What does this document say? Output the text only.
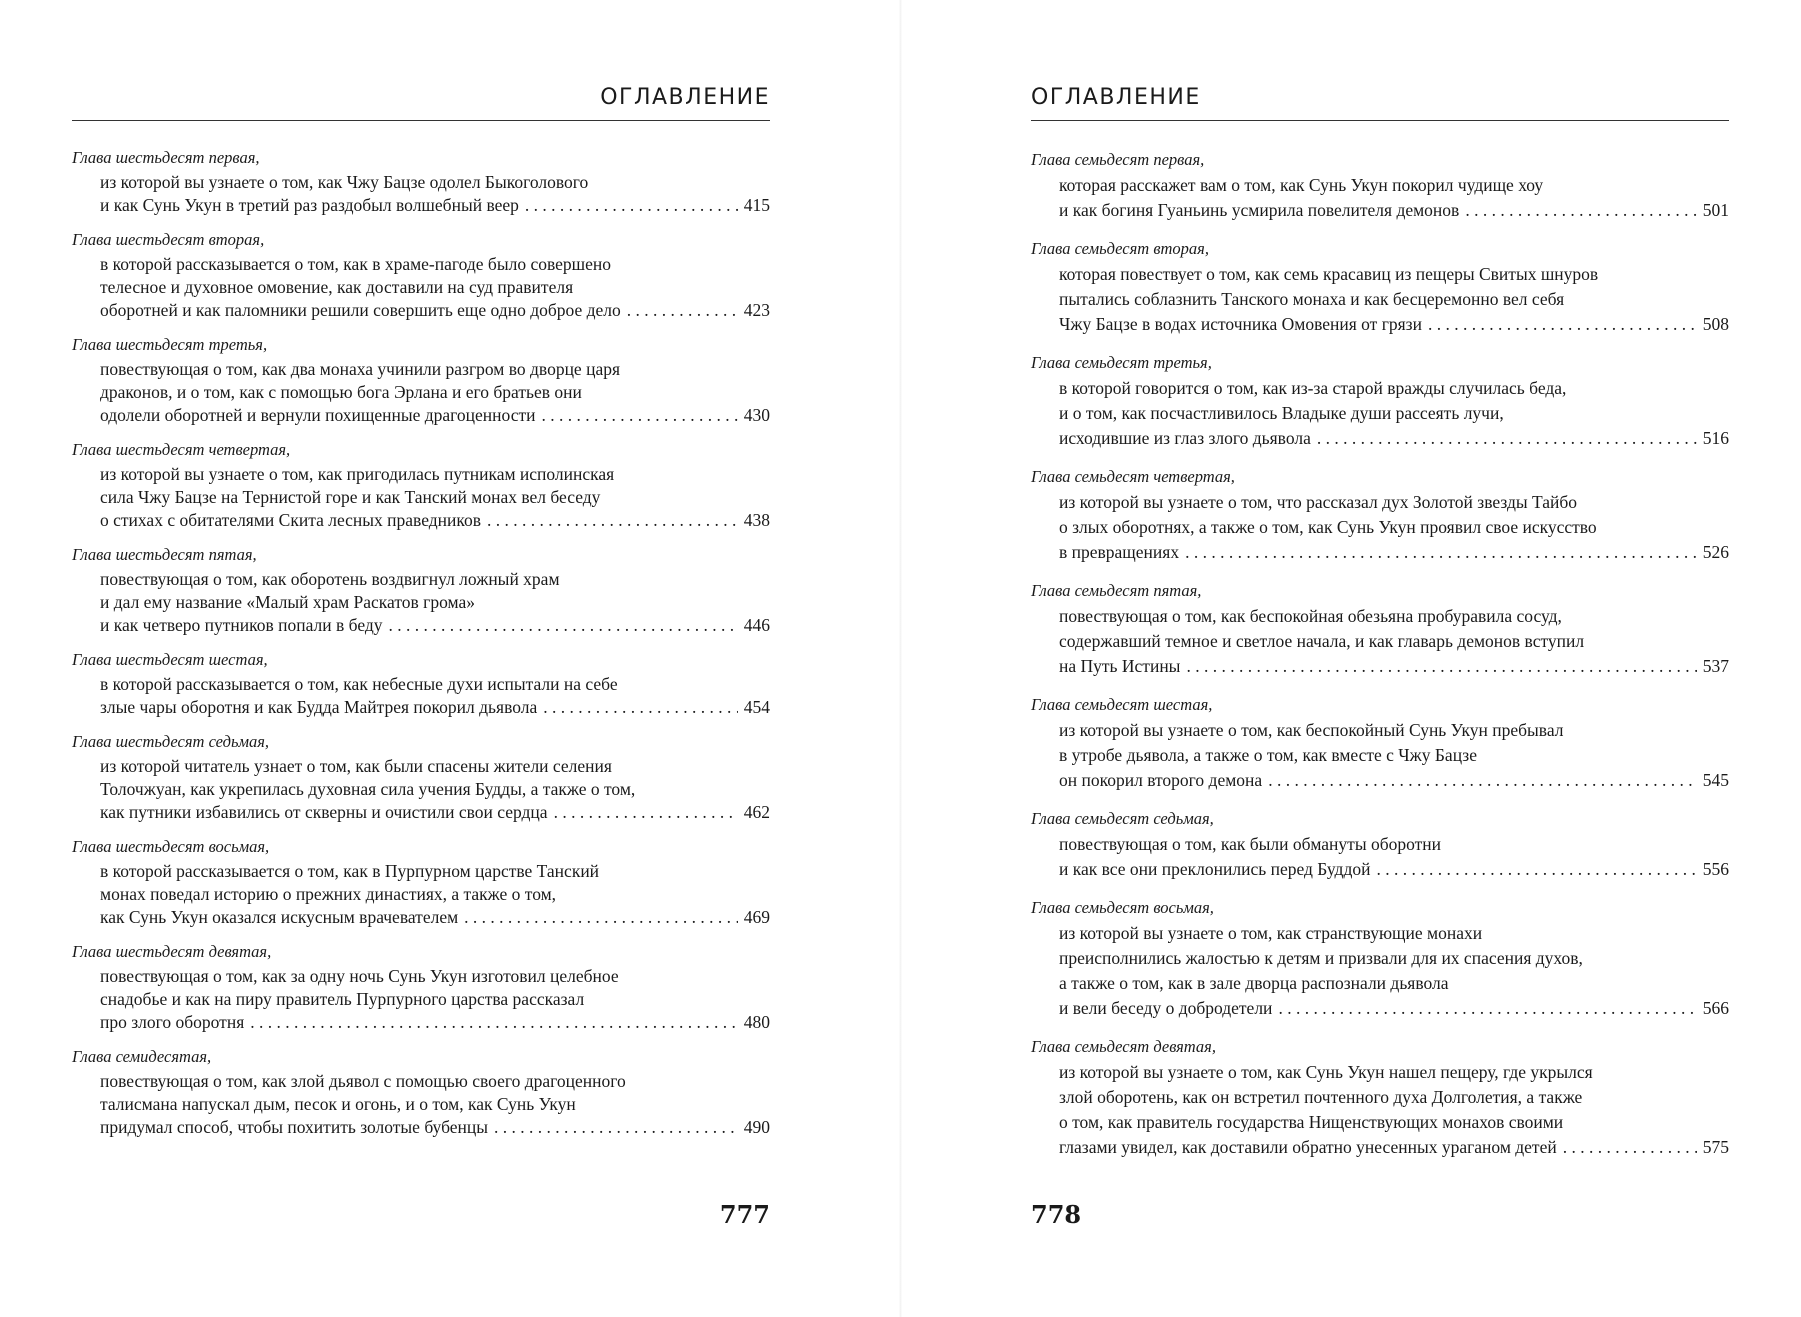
ОГЛАВЛЕНИЕ
Глава шестьдесят первая,
из которой вы узнаете о том, как Чжу Бацзе одолел Быкоголового
и как Сунь Укун в третий раз раздобыл волшебный веер . . .	415
Глава шестьдесят вторая,
в которой рассказывается о том, как в храме-пагоде было совершено
телесное и духовное омовение, как доставили на суд правителя
оборотней и как паломники решили совершить еще одно доброе дело . . .	423
Глава шестьдесят третья,
повествующая о том, как два монаха учинили разгром во дворце царя
драконов, и о том, как с помощью бога Эрлана и его братьев они
одолели оборотней и вернули похищенные драгоценности . . .	430
Глава шестьдесят четвертая,
из которой вы узнаете о том, как пригодилась путникам исполинская
сила Чжу Бацзе на Тернистой горе и как Танский монах вел беседу
о стихах с обитателями Скита лесных праведников . . .	438
Глава шестьдесят пятая,
повествующая о том, как оборотень воздвигнул ложный храм
и дал ему название «Малый храм Раскатов грома»
и как четверо путников попали в беду . . .	446
Глава шестьдесят шестая,
в которой рассказывается о том, как небесные духи испытали на себе
злые чары оборотня и как Будда Майтрея покорил дьявола . . .	454
Глава шестьдесят седьмая,
из которой читатель узнает о том, как были спасены жители селения
Толочжуан, как укрепилась духовная сила учения Будды, а также о том,
как путники избавились от скверны и очистили свои сердца . . .	462
Глава шестьдесят восьмая,
в которой рассказывается о том, как в Пурпурном царстве Танский
монах поведал историю о прежних династиях, а также о том,
как Сунь Укун оказался искусным врачевателем . . .	469
Глава шестьдесят девятая,
повествующая о том, как за одну ночь Сунь Укун изготовил целебное
снадобье и как на пиру правитель Пурпурного царства рассказал
про злого оборотня . . .	480
Глава семидесятая,
повествующая о том, как злой дьявол с помощью своего драгоценного
талисмана напускал дым, песок и огонь, и о том, как Сунь Укун
придумал способ, чтобы похитить золотые бубенцы . . .	490
777
ОГЛАВЛЕНИЕ
Глава семьдесят первая,
которая расскажет вам о том, как Сунь Укун покорил чудище хоу
и как богиня Гуаньинь усмирила повелителя демонов . . .	501
Глава семьдесят вторая,
которая повествует о том, как семь красавиц из пещеры Свитых шнуров
пытались соблазнить Танского монаха и как бесцеремонно вел себя
Чжу Бацзе в водах источника Омовения от грязи . . .	508
Глава семьдесят третья,
в которой говорится о том, как из-за старой вражды случилась беда,
и о том, как посчастливилось Владыке души рассеять лучи,
исходившие из глаз злого дьявола . . .	516
Глава семьдесят четвертая,
из которой вы узнаете о том, что рассказал дух Золотой звезды Тайбо
о злых оборотнях, а также о том, как Сунь Укун проявил свое искусство
в превращениях . . .	526
Глава семьдесят пятая,
повествующая о том, как беспокойная обезьяна пробуравила сосуд,
содержавший темное и светлое начала, и как главарь демонов вступил
на Путь Истины . . .	537
Глава семьдесят шестая,
из которой вы узнаете о том, как беспокойный Сунь Укун пребывал
в утробе дьявола, а также о том, как вместе с Чжу Бацзе
он покорил второго демона . . .	545
Глава семьдесят седьмая,
повествующая о том, как были обмануты оборотни
и как все они преклонились перед Буддой . . .	556
Глава семьдесят восьмая,
из которой вы узнаете о том, как странствующие монахи
преисполнились жалостью к детям и призвали для их спасения духов,
а также о том, как в зале дворца распознали дьявола
и вели беседу о добродетели . . .	566
Глава семьдесят девятая,
из которой вы узнаете о том, как Сунь Укун нашел пещеру, где укрылся
злой оборотень, как он встретил почтенного духа Долголетия, а также
о том, как правитель государства Нищенствующих монахов своими
глазами увидел, как доставили обратно унесенных ураганом детей . . .	575
778
